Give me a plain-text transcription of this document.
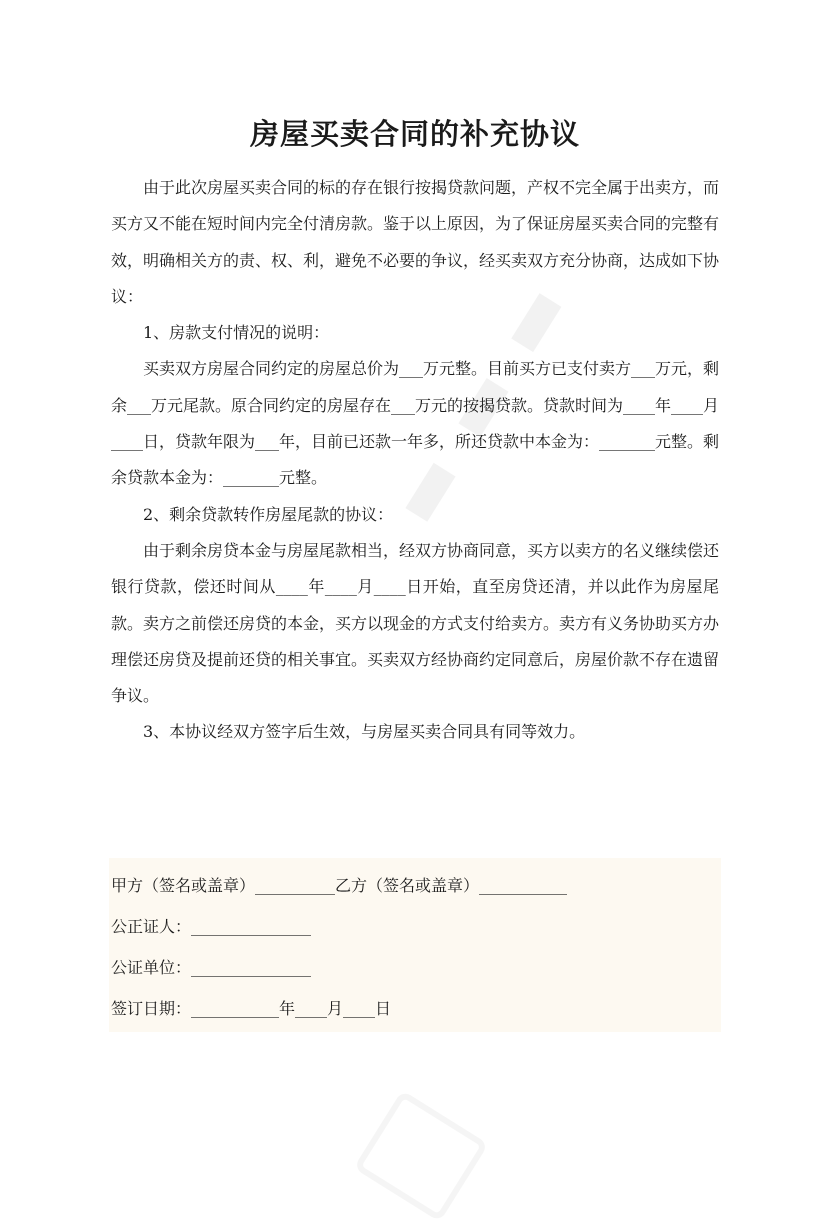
▮
▮
▮
房屋买卖合同的补充协议

由于此次房屋买卖合同的标的存在银行按揭贷款问题，产权不完全属于出卖方，而买方又不能在短时间内完全付清房款。鉴于以上原因，为了保证房屋买卖合同的完整有效，明确相关方的责、权、利，避免不必要的争议，经买卖双方充分协商，达成如下协议：

1、房款支付情况的说明：

买卖双方房屋合同约定的房屋总价为___万元整。目前买方已支付卖方___万元，剩余___万元尾款。原合同约定的房屋存在___万元的按揭贷款。贷款时间为____年____月____日，贷款年限为___年，目前已还款一年多，所还贷款中本金为：_______元整。剩余贷款本金为：_______元整。

2、剩余贷款转作房屋尾款的协议：

由于剩余房贷本金与房屋尾款相当，经双方协商同意，买方以卖方的名义继续偿还银行贷款，偿还时间从____年____月____日开始，直至房贷还清，并以此作为房屋尾款。卖方之前偿还房贷的本金，买方以现金的方式支付给卖方。卖方有义务协助买方办理偿还房贷及提前还贷的相关事宜。买卖双方经协商约定同意后，房屋价款不存在遗留争议。

3、本协议经双方签字后生效，与房屋买卖合同具有同等效力。

甲方（签名或盖章）__________乙方（签名或盖章）___________

公正证人：_______________

公证单位：_______________

签订日期：___________年____月____日
